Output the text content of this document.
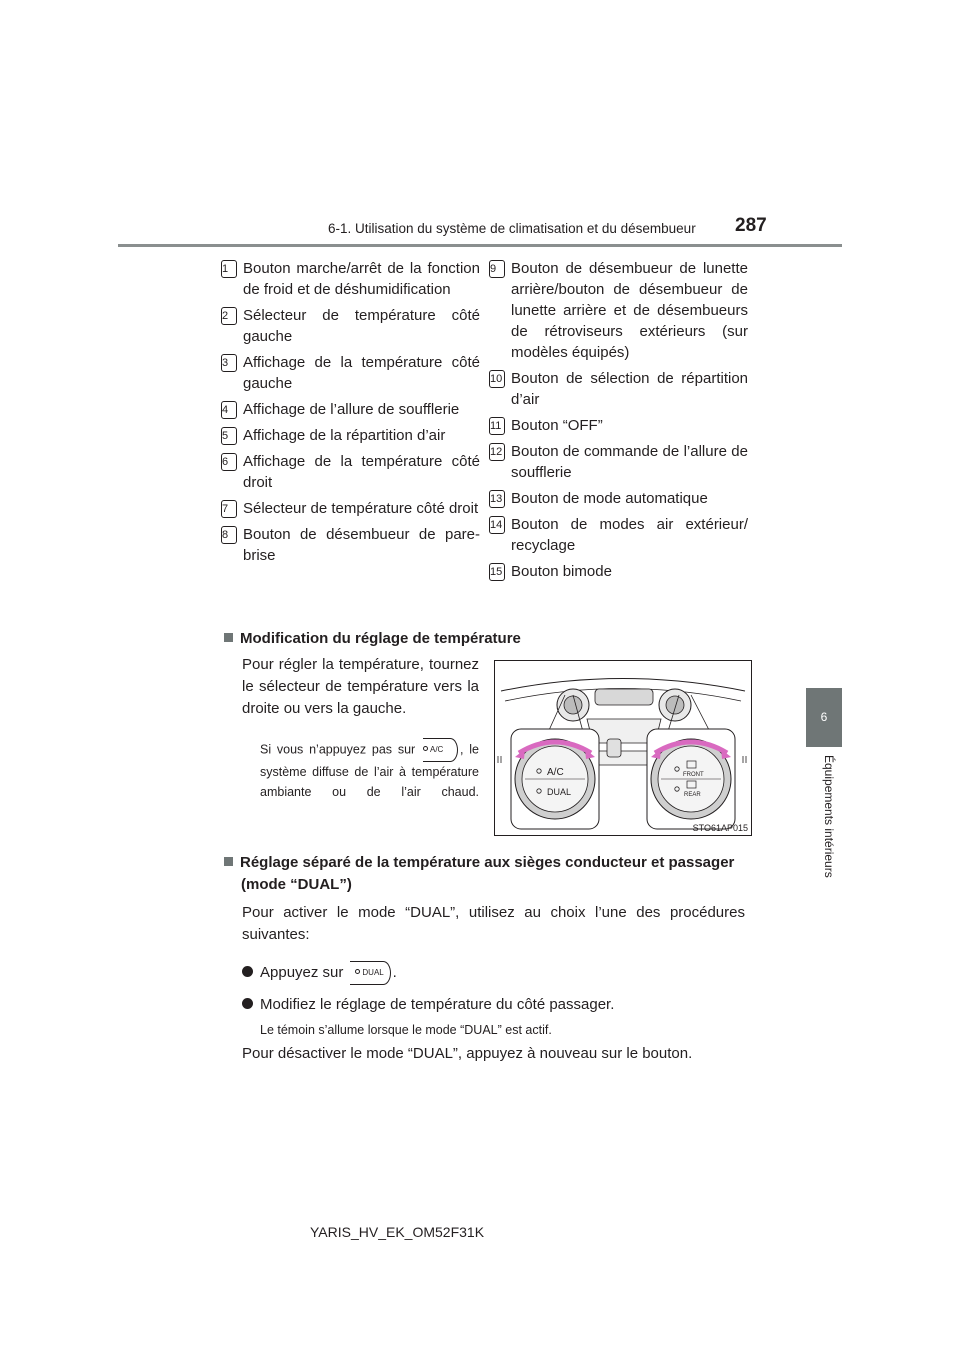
6-1. Utilisation du système de climatisation et du désembueur 287
6
Équipements intérieurs
1 Bouton marche/arrêt de la fonction de froid et de déshumidification
2 Sélecteur de température côté gauche
3 Affichage de la température côté gauche
4 Affichage de l’allure de soufflerie
5 Affichage de la répartition d’air
6 Affichage de la température côté droit
7 Sélecteur de température côté droit
8 Bouton de désembueur de pare-brise
9 Bouton de désembueur de lunette arrière/bouton de désembueur de lunette arrière et de désembueurs de rétroviseurs extérieurs (sur modèles équipés)
10 Bouton de sélection de répartition d’air
11 Bouton “OFF”
12 Bouton de commande de l’allure de soufflerie
13 Bouton de mode automatique
14 Bouton de modes air extérieur/ recyclage
15 Bouton bimode
Modification du réglage de température
Pour régler la température, tournez le sélecteur de température vers la droite ou vers la gauche.
Si vous n’appuyez pas sur A/C , le système diffuse de l’air à température ambiante ou de l’air chaud.
A/C
DUAL
FRONT
REAR
STO61AP015
Réglage séparé de la température aux sièges conducteur et passager
(mode “DUAL”)
Pour activer le mode “DUAL”, utilisez au choix l’une des procédures suivantes:
Appuyez sur DUAL .
Modifiez le réglage de température du côté passager.
Le témoin s’allume lorsque le mode “DUAL” est actif.
Pour désactiver le mode “DUAL”, appuyez à nouveau sur le bouton.
YARIS_HV_EK_OM52F31K
